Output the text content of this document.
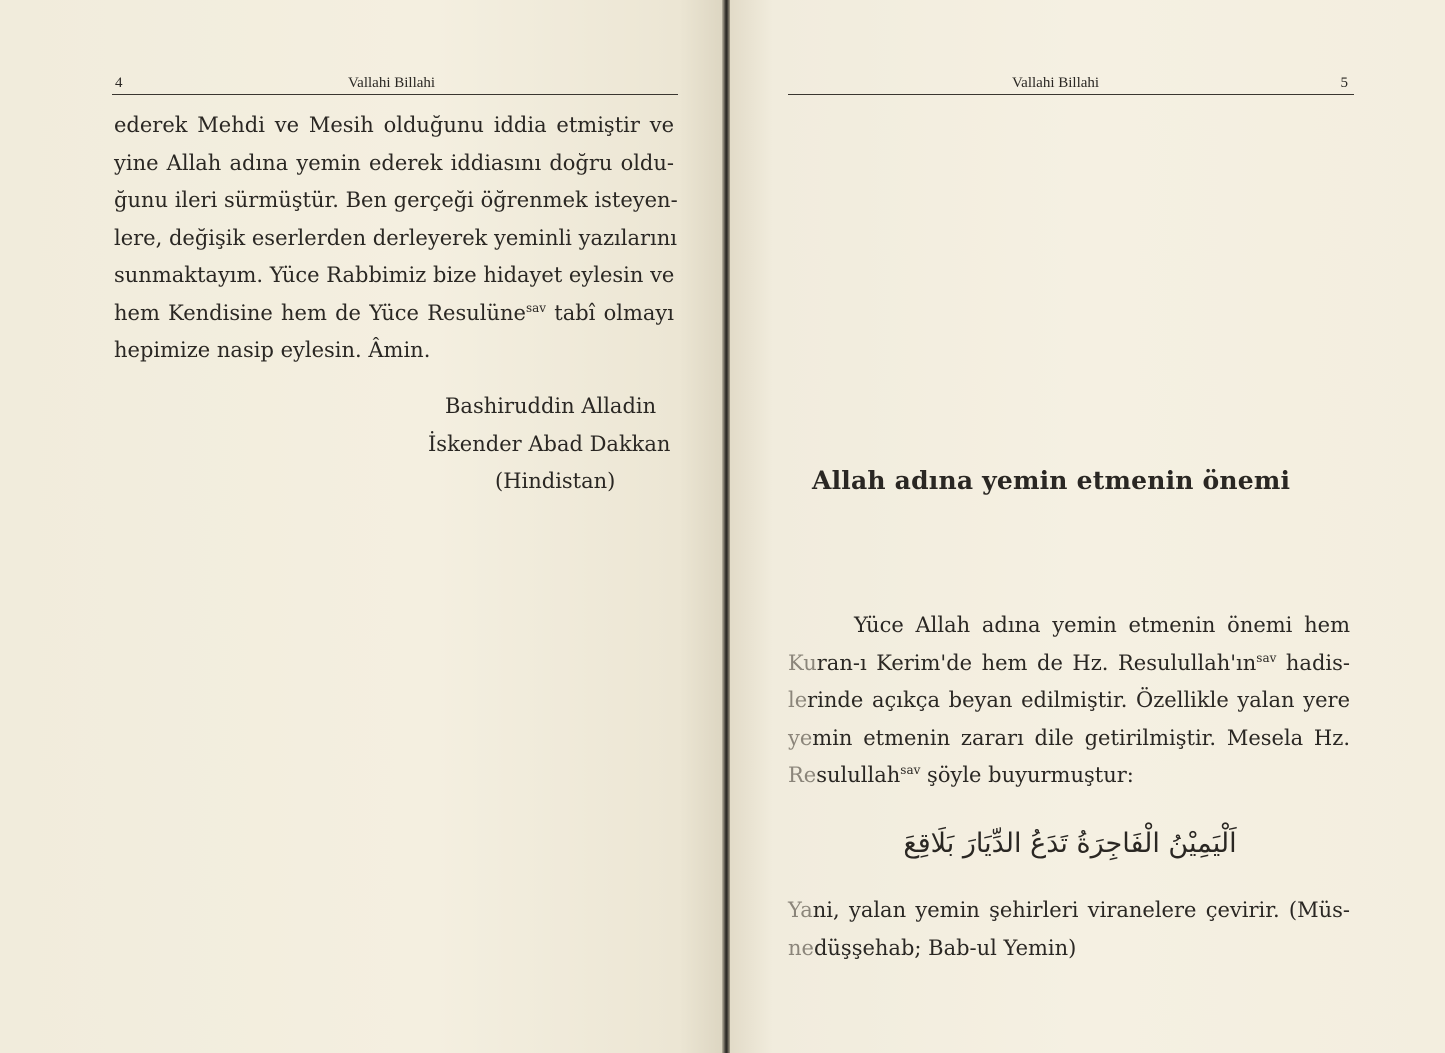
4	Vallahi Billahi
ederek Mehdi ve Mesih olduğunu iddia etmiştir ve
yine Allah adına yemin ederek iddiasını doğru oldu-
ğunu ileri sürmüştür. Ben gerçeği öğrenmek isteyen-
lere, değişik eserlerden derleyerek yeminli yazılarını
sunmaktayım. Yüce Rabbimiz bize hidayet eylesin ve
hem Kendisine hem de Yüce Resulüne$^{sav}$ tabî olmayı
hepimize nasip eylesin. Âmin.
Bashiruddin Alladin
İskender Abad Dakkan
(Hindistan)
Vallahi Billahi	5
Allah adına yemin etmenin önemi
Yüce Allah adına yemin etmenin önemi hem
Kuran-ı Kerim'de hem de Hz. $Resulullah'ın^{sav}$ hadis-
lerinde açıkça beyan edilmiştir. Özellikle yalan yere
yemin etmenin zararı dile getirilmiştir. Mesela Hz.
Resulullah$^{sav}$ şöyle buyurmuştur:
اَلْيَمِيْنُ الْفَاجِرَةُ تَدَعُ الدِّيَارَ بَلَاقِعَ
Yani, yalan yemin şehirleri viranelere çevirir. (Müs-
nedüşşehab; Bab-ul Yemin)
